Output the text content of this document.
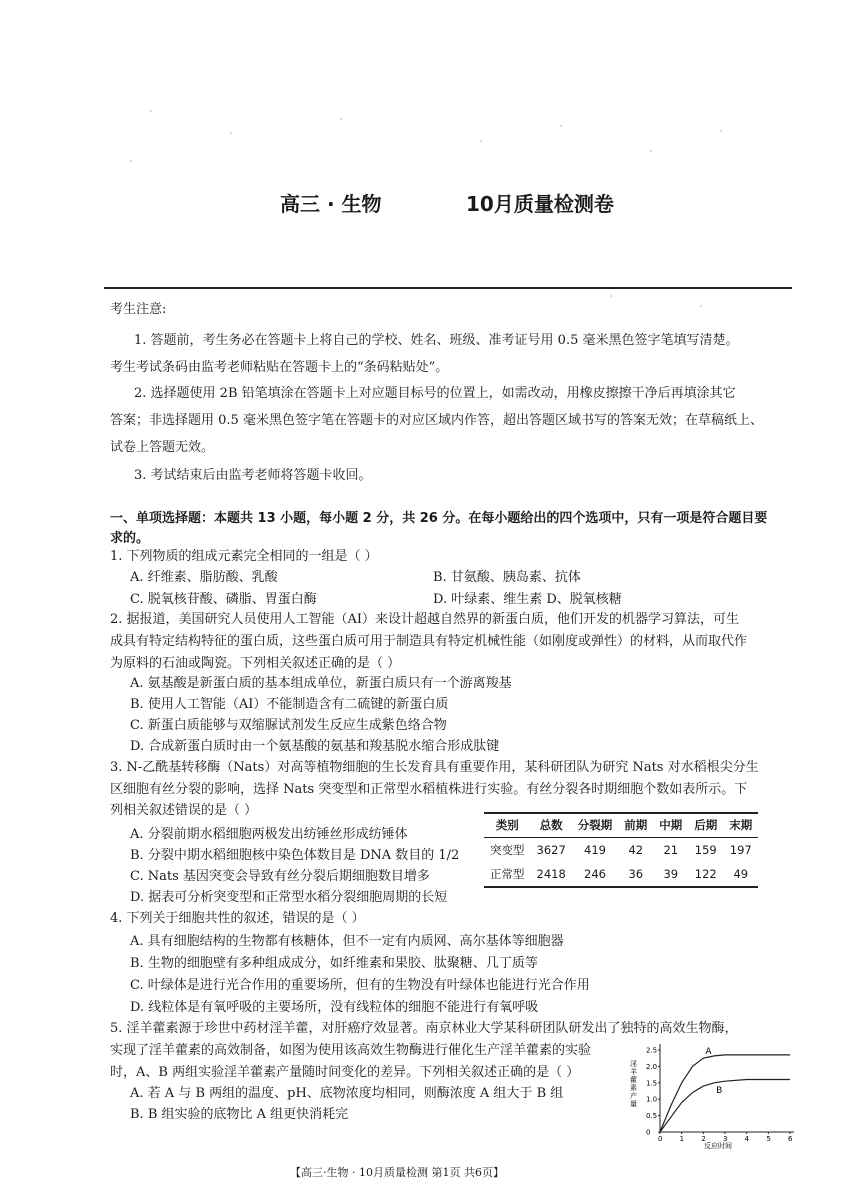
高三 · 生物	10月质量检测卷
考生注意:
1. 答题前，考生务必在答题卡上将自己的学校、姓名、班级、准考证号用 0.5 毫米黑色签字笔填写清楚。
考生考试条码由监考老师粘贴在答题卡上的“条码粘贴处”。
2. 选择题使用 2B 铅笔填涂在答题卡上对应题目标号的位置上，如需改动，用橡皮擦擦干净后再填涂其它
答案；非选择题用 0.5 毫米黑色签字笔在答题卡的对应区域内作答，超出答题区域书写的答案无效；在草稿纸上、
试卷上答题无效。
3. 考试结束后由监考老师将答题卡收回。
一、单项选择题：本题共 13 小题，每小题 2 分，共 26 分。在每小题给出的四个选项中，只有一项是符合题目要
求的。
1. 下列物质的组成元素完全相同的一组是（ ）
A. 纤维素、脂肪酸、乳酸	B. 甘氨酸、胰岛素、抗体
C. 脱氧核苷酸、磷脂、胃蛋白酶	D. 叶绿素、维生素 D、脱氧核糖
2. 据报道，美国研究人员使用人工智能（AI）来设计超越自然界的新蛋白质，他们开发的机器学习算法，可生
成具有特定结构特征的蛋白质，这些蛋白质可用于制造具有特定机械性能（如刚度或弹性）的材料，从而取代作
为原料的石油或陶瓷。下列相关叙述正确的是（ ）
A. 氨基酸是新蛋白质的基本组成单位，新蛋白质只有一个游离羧基
B. 使用人工智能（AI）不能制造含有二硫键的新蛋白质
C. 新蛋白质能够与双缩脲试剂发生反应生成紫色络合物
D. 合成新蛋白质时由一个氨基酸的氨基和羧基脱水缩合形成肽键
3. N-乙酰基转移酶（Nats）对高等植物细胞的生长发育具有重要作用，某科研团队为研究 Nats 对水稻根尖分生
区细胞有丝分裂的影响，选择 Nats 突变型和正常型水稻植株进行实验。有丝分裂各时期细胞个数如表所示。下
列相关叙述错误的是（ ）
A. 分裂前期水稻细胞两极发出纺锤丝形成纺锤体
B. 分裂中期水稻细胞核中染色体数目是 DNA 数目的 1/2
C. Nats 基因突变会导致有丝分裂后期细胞数目增多
D. 据表可分析突变型和正常型水稻分裂细胞周期的长短
类别	总数	分裂期	前期	中期	后期	末期
突变型	3627	419	42	21	159	197
正常型	2418	246	36	39	122	49
4. 下列关于细胞共性的叙述，错误的是（ ）
A. 具有细胞结构的生物都有核糖体，但不一定有内质网、高尔基体等细胞器
B. 生物的细胞壁有多种组成成分，如纤维素和果胶、肽聚糖、几丁质等
C. 叶绿体是进行光合作用的重要场所，但有的生物没有叶绿体也能进行光合作用
D. 线粒体是有氧呼吸的主要场所，没有线粒体的细胞不能进行有氧呼吸
5. 淫羊藿素源于珍世中药材淫羊藿，对肝癌疗效显著。南京林业大学某科研团队研发出了独特的高效生物酶，
实现了淫羊藿素的高效制备，如图为使用该高效生物酶进行催化生产淫羊藿素的实验
时，A、B 两组实验淫羊藿素产量随时间变化的差异。下列相关叙述正确的是（ ）
A. 若 A 与 B 两组的温度、pH、底物浓度均相同，则酶浓度 A 组大于 B 组
B. B 组实验的底物比 A 组更快消耗完
淫羊藿素产量
0 1 2 3 4 5 6
0
0.5
1.0
1.5
2.0
2.5	A
B
反应时间
【高三·生物 · 10月质量检测 第1页 共6页】
